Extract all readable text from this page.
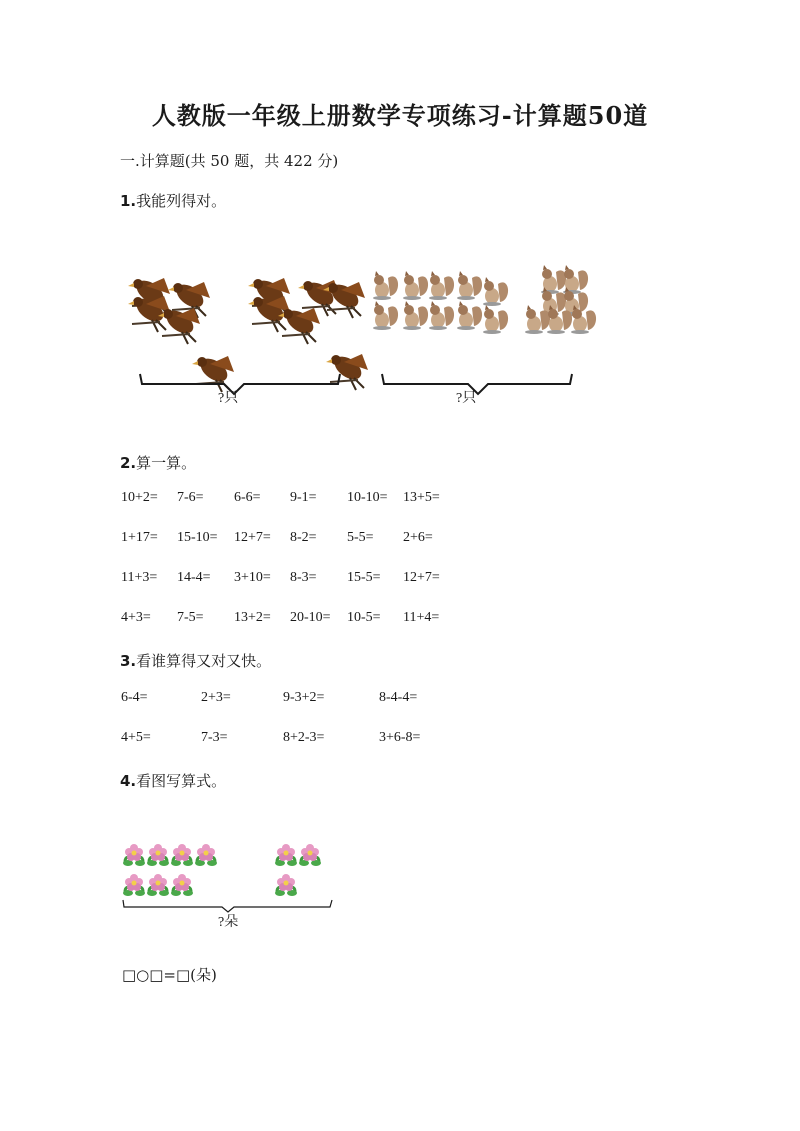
人教版一年级上册数学专项练习-计算题50道
一.计算题(共 50 题，共 422 分)
1.我能列得对。
?只	?只
2.算一算。
10+2=	7-6=	6-6=	9-1=	10-10=	13+5=
1+17=	15-10=	12+7=	8-2=	5-5=	2+6=
11+3=	14-4=	3+10=	8-3=	15-5=	12+7=
4+3=	7-5=	13+2=	20-10=	10-5=	11+4=
3.看谁算得又对又快。
6-4=	2+3=	9-3+2=	8-4-4=
4+5=	7-3=	8+2-3=	3+6-8=
4.看图写算式。
?朵
□○□=□(朵)
